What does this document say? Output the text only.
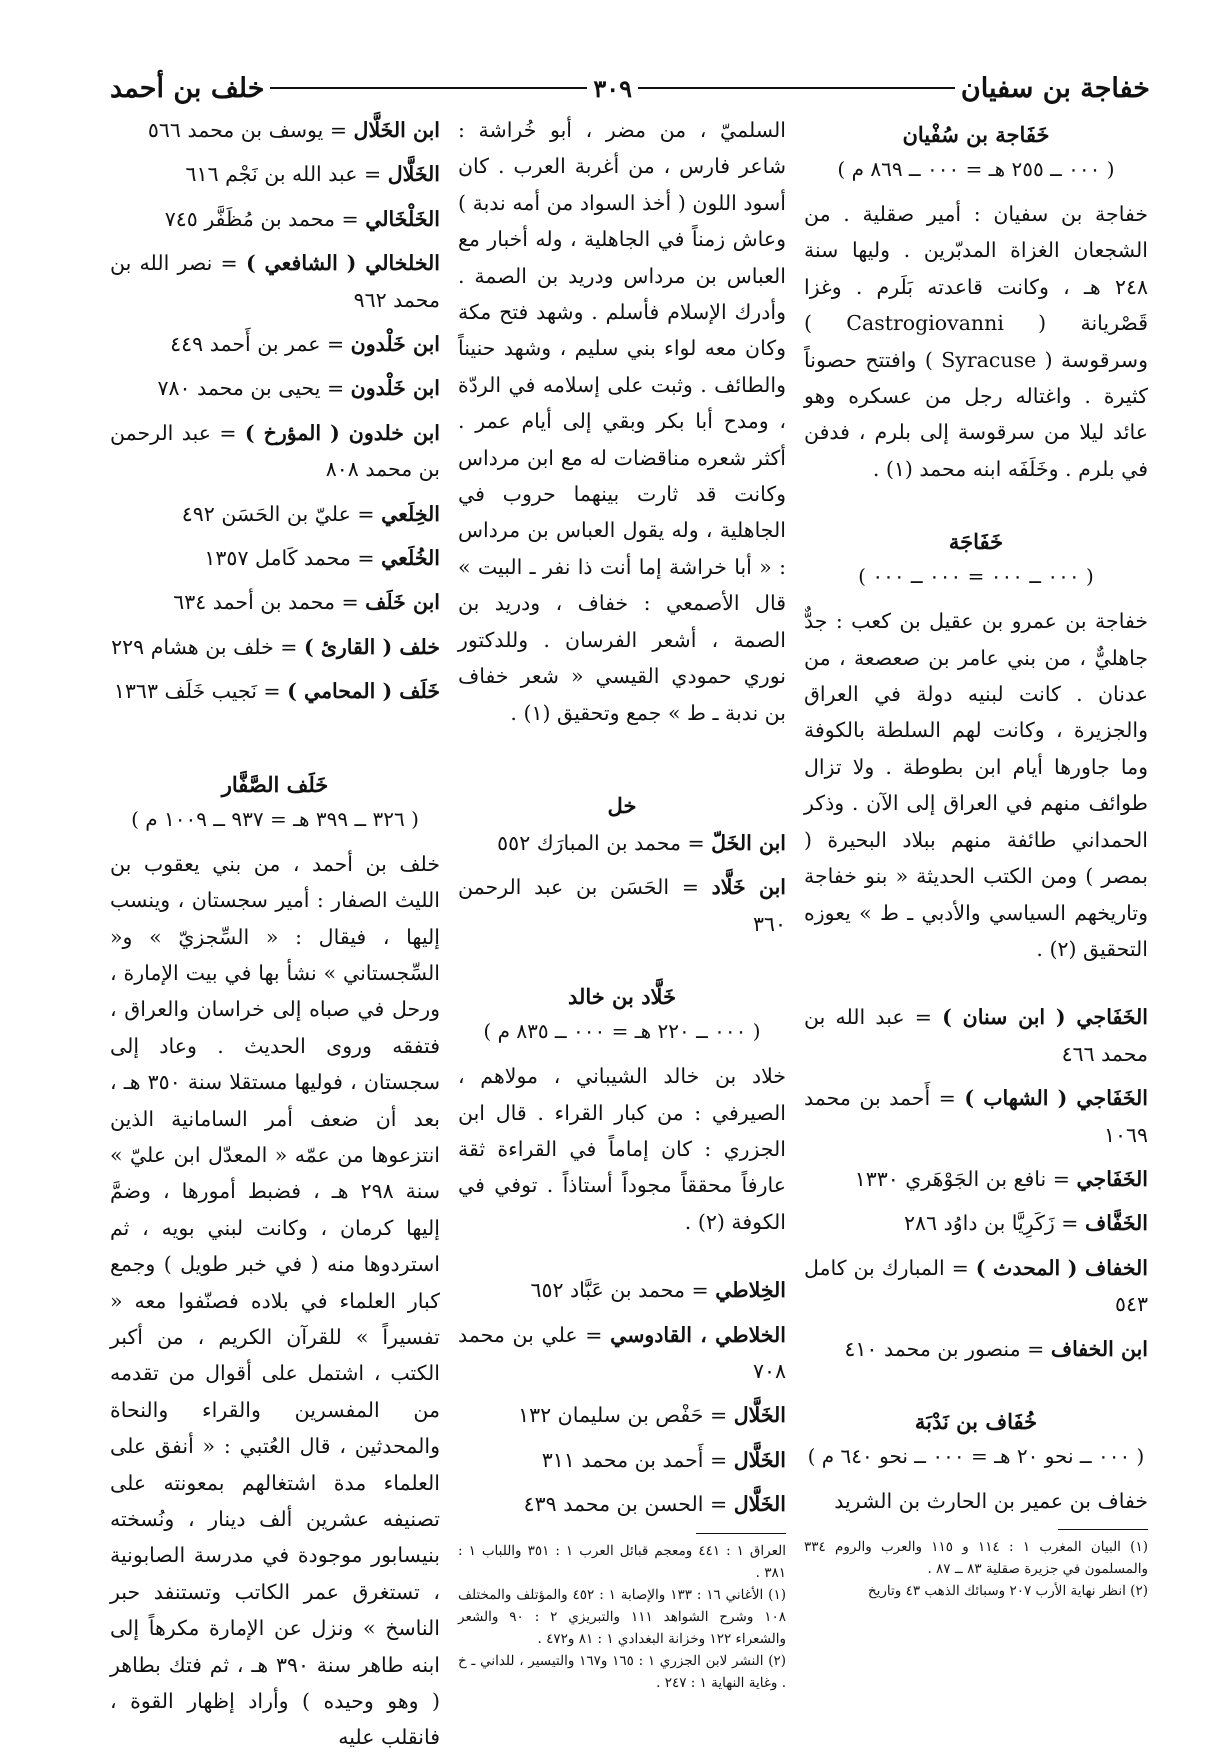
خفاجة بن سفيان
٣٠٩
خلف بن أحمد
خَفَاجة بن سُفْيان
( ٠٠٠ ــ ٢٥٥ هـ = ٠٠٠ ــ ٨٦٩ م )

خفاجة بن سفيان : أمير صقلية . من الشجعان الغزاة المدبّرين . وليها سنة ٢٤٨ هـ ، وكانت قاعدته بَلَرم . وغزا قَصْريانة ( Castrogiovanni ) وسرقوسة ( Syracuse ) وافتتح حصوناً كثيرة . واغتاله رجل من عسكره وهو عائد ليلا من سرقوسة إلى بلرم ، فدفن في بلرم . وخَلَفَه ابنه محمد (١) .

خَفَاجَة
( ٠٠٠ ــ ٠٠٠ = ٠٠٠ ــ ٠٠٠ )

خفاجة بن عمرو بن عقيل بن كعب : جدٌّ جاهليٌّ ، من بني عامر بن صعصعة ، من عدنان . كانت لبنيه دولة في العراق والجزيرة ، وكانت لهم السلطة بالكوفة وما جاورها أيام ابن بطوطة . ولا تزال طوائف منهم في العراق إلى الآن . وذكر الحمداني طائفة منهم ببلاد البحيرة ( بمصر ) ومن الكتب الحديثة « بنو خفاجة وتاريخهم السياسي والأدبي ـ ط » يعوزه التحقيق (٢) .

الخَفَاجي ( ابن سنان ) = عبد الله بن محمد ٤٦٦

الخَفَاجي ( الشهاب ) = أَحمد بن محمد ١٠٦٩

الخَفَاجي = نافع بن الجَوْهَري ١٣٣٠

الخَفَّاف = زَكَرِيَّا بن داوُد ٢٨٦

الخفاف ( المحدث ) = المبارك بن كامل ٥٤٣

ابن الخفاف = منصور بن محمد ٤١٠

خُفَاف بن نَدْبَة
( ٠٠٠ ــ نحو ٢٠ هـ = ٠٠٠ ــ نحو ٦٤٠ م )

خفاف بن عمير بن الحارث بن الشريد

(١) البيان المغرب ١ : ١١٤ و ١١٥ والعرب والروم ٣٣٤ والمسلمون في جزيرة صقلية ٨٣ ــ ٨٧ .

(٢) انظر نهاية الأرب ٢٠٧ وسبائك الذهب ٤٣ وتاريخ

السلميّ ، من مضر ، أبو خُراشة : شاعر فارس ، من أغربة العرب . كان أسود اللون ( أخذ السواد من أمه ندبة ) وعاش زمناً في الجاهلية ، وله أخبار مع العباس بن مرداس ودريد بن الصمة . وأدرك الإسلام فأسلم . وشهد فتح مكة وكان معه لواء بني سليم ، وشهد حنيناً والطائف . وثبت على إسلامه في الردّة ، ومدح أبا بكر وبقي إلى أيام عمر . أكثر شعره مناقضات له مع ابن مرداس وكانت قد ثارت بينهما حروب في الجاهلية ، وله يقول العباس بن مرداس : « أبا خراشة إما أنت ذا نفر ـ البيت » قال الأصمعي : خفاف ، ودريد بن الصمة ، أشعر الفرسان . وللدكتور نوري حمودي القيسي « شعر خفاف بن ندبة ـ ط » جمع وتحقيق (١) .

خل

ابن الخَلّ = محمد بن المبارَك ٥٥٢

ابن خَلَّاد = الحَسَن بن عبد الرحمن ٣٦٠

خَلَّاد بن خالد
( ٠٠٠ ــ ٢٢٠ هـ = ٠٠٠ ــ ٨٣٥ م )

خلاد بن خالد الشيباني ، مولاهم ، الصيرفي : من كبار القراء . قال ابن الجزري : كان إماماً في القراءة ثقة عارفاً محققاً مجوداً أستاذاً . توفي في الكوفة (٢) .

الخِلاطي = محمد بن عَبَّاد ٦٥٢

الخلاطي ، القادوسي = علي بن محمد ٧٠٨

الخَلَّال = حَفْص بن سليمان ١٣٢

الخَلَّال = أَحمد بن محمد ٣١١

الخَلَّال = الحسن بن محمد ٤٣٩

العراق ١ : ٤٤١ ومعجم قبائل العرب ١ : ٣٥١ واللباب ١ : ٣٨١ .

(١) الأغاني ١٦ : ١٣٣ والإصابة ١ : ٤٥٢ والمؤتلف والمختلف ١٠٨ وشرح الشواهد ١١١ والتبريزي ٢ : ٩٠ والشعر والشعراء ١٢٢ وخزانة البغدادي ١ : ٨١ و٤٧٢ .

(٢) النشر لابن الجزري ١ : ١٦٥ و١٦٧ والتيسير ، للداني ـ خ . وغاية النهاية ١ : ٢٤٧ .

ابن الخَلَّال = يوسف بن محمد ٥٦٦

الخَلَّال = عبد الله بن نَجْم ٦١٦

الخَلْخَالي = محمد بن مُظَفَّر ٧٤٥

الخلخالي ( الشافعي ) = نصر الله بن محمد ٩٦٢

ابن خَلْدون = عمر بن أَحمد ٤٤٩

ابن خَلْدون = يحيى بن محمد ٧٨٠

ابن خلدون ( المؤرخ ) = عبد الرحمن بن محمد ٨٠٨

الخِلَعي = عليّ بن الحَسَن ٤٩٢

الخُلَعي = محمد كَامل ١٣٥٧

ابن خَلَف = محمد بن أحمد ٦٣٤

خلف ( القارئ ) = خلف بن هشام ٢٢٩

خَلَف ( المحامي ) = نَجيب خَلَف ١٣٦٣

خَلَف الصَّفَّار
( ٣٢٦ ــ ٣٩٩ هـ = ٩٣٧ ــ ١٠٠٩ م )

خلف بن أحمد ، من بني يعقوب بن الليث الصفار : أمير سجستان ، وينسب إليها ، فيقال : « السِّجزيّ » و« السِّجستاني » نشأ بها في بيت الإمارة ، ورحل في صباه إلى خراسان والعراق ، فتفقه وروى الحديث . وعاد إلى سجستان ، فوليها مستقلا سنة ٣٥٠ هـ ، بعد أن ضعف أمر السامانية الذين انتزعوها من عمّه « المعدّل ابن عليّ » سنة ٢٩٨ هـ ، فضبط أمورها ، وضمَّ إليها كرمان ، وكانت لبني بويه ، ثم استردوها منه ( في خبر طويل ) وجمع كبار العلماء في بلاده فصنّفوا معه « تفسيراً » للقرآن الكريم ، من أكبر الكتب ، اشتمل على أقوال من تقدمه من المفسرين والقراء والنحاة والمحدثين ، قال العُتبي : « أنفق على العلماء مدة اشتغالهم بمعونته على تصنيفه عشرين ألف دينار ، ونُسخته بنيسابور موجودة في مدرسة الصابونية ، تستغرق عمر الكاتب وتستنفد حبر الناسخ » ونزل عن الإمارة مكرهاً إلى ابنه طاهر سنة ٣٩٠ هـ ، ثم فتك بطاهر ( وهو وحيده ) وأراد إظهار القوة ، فانقلب عليه
